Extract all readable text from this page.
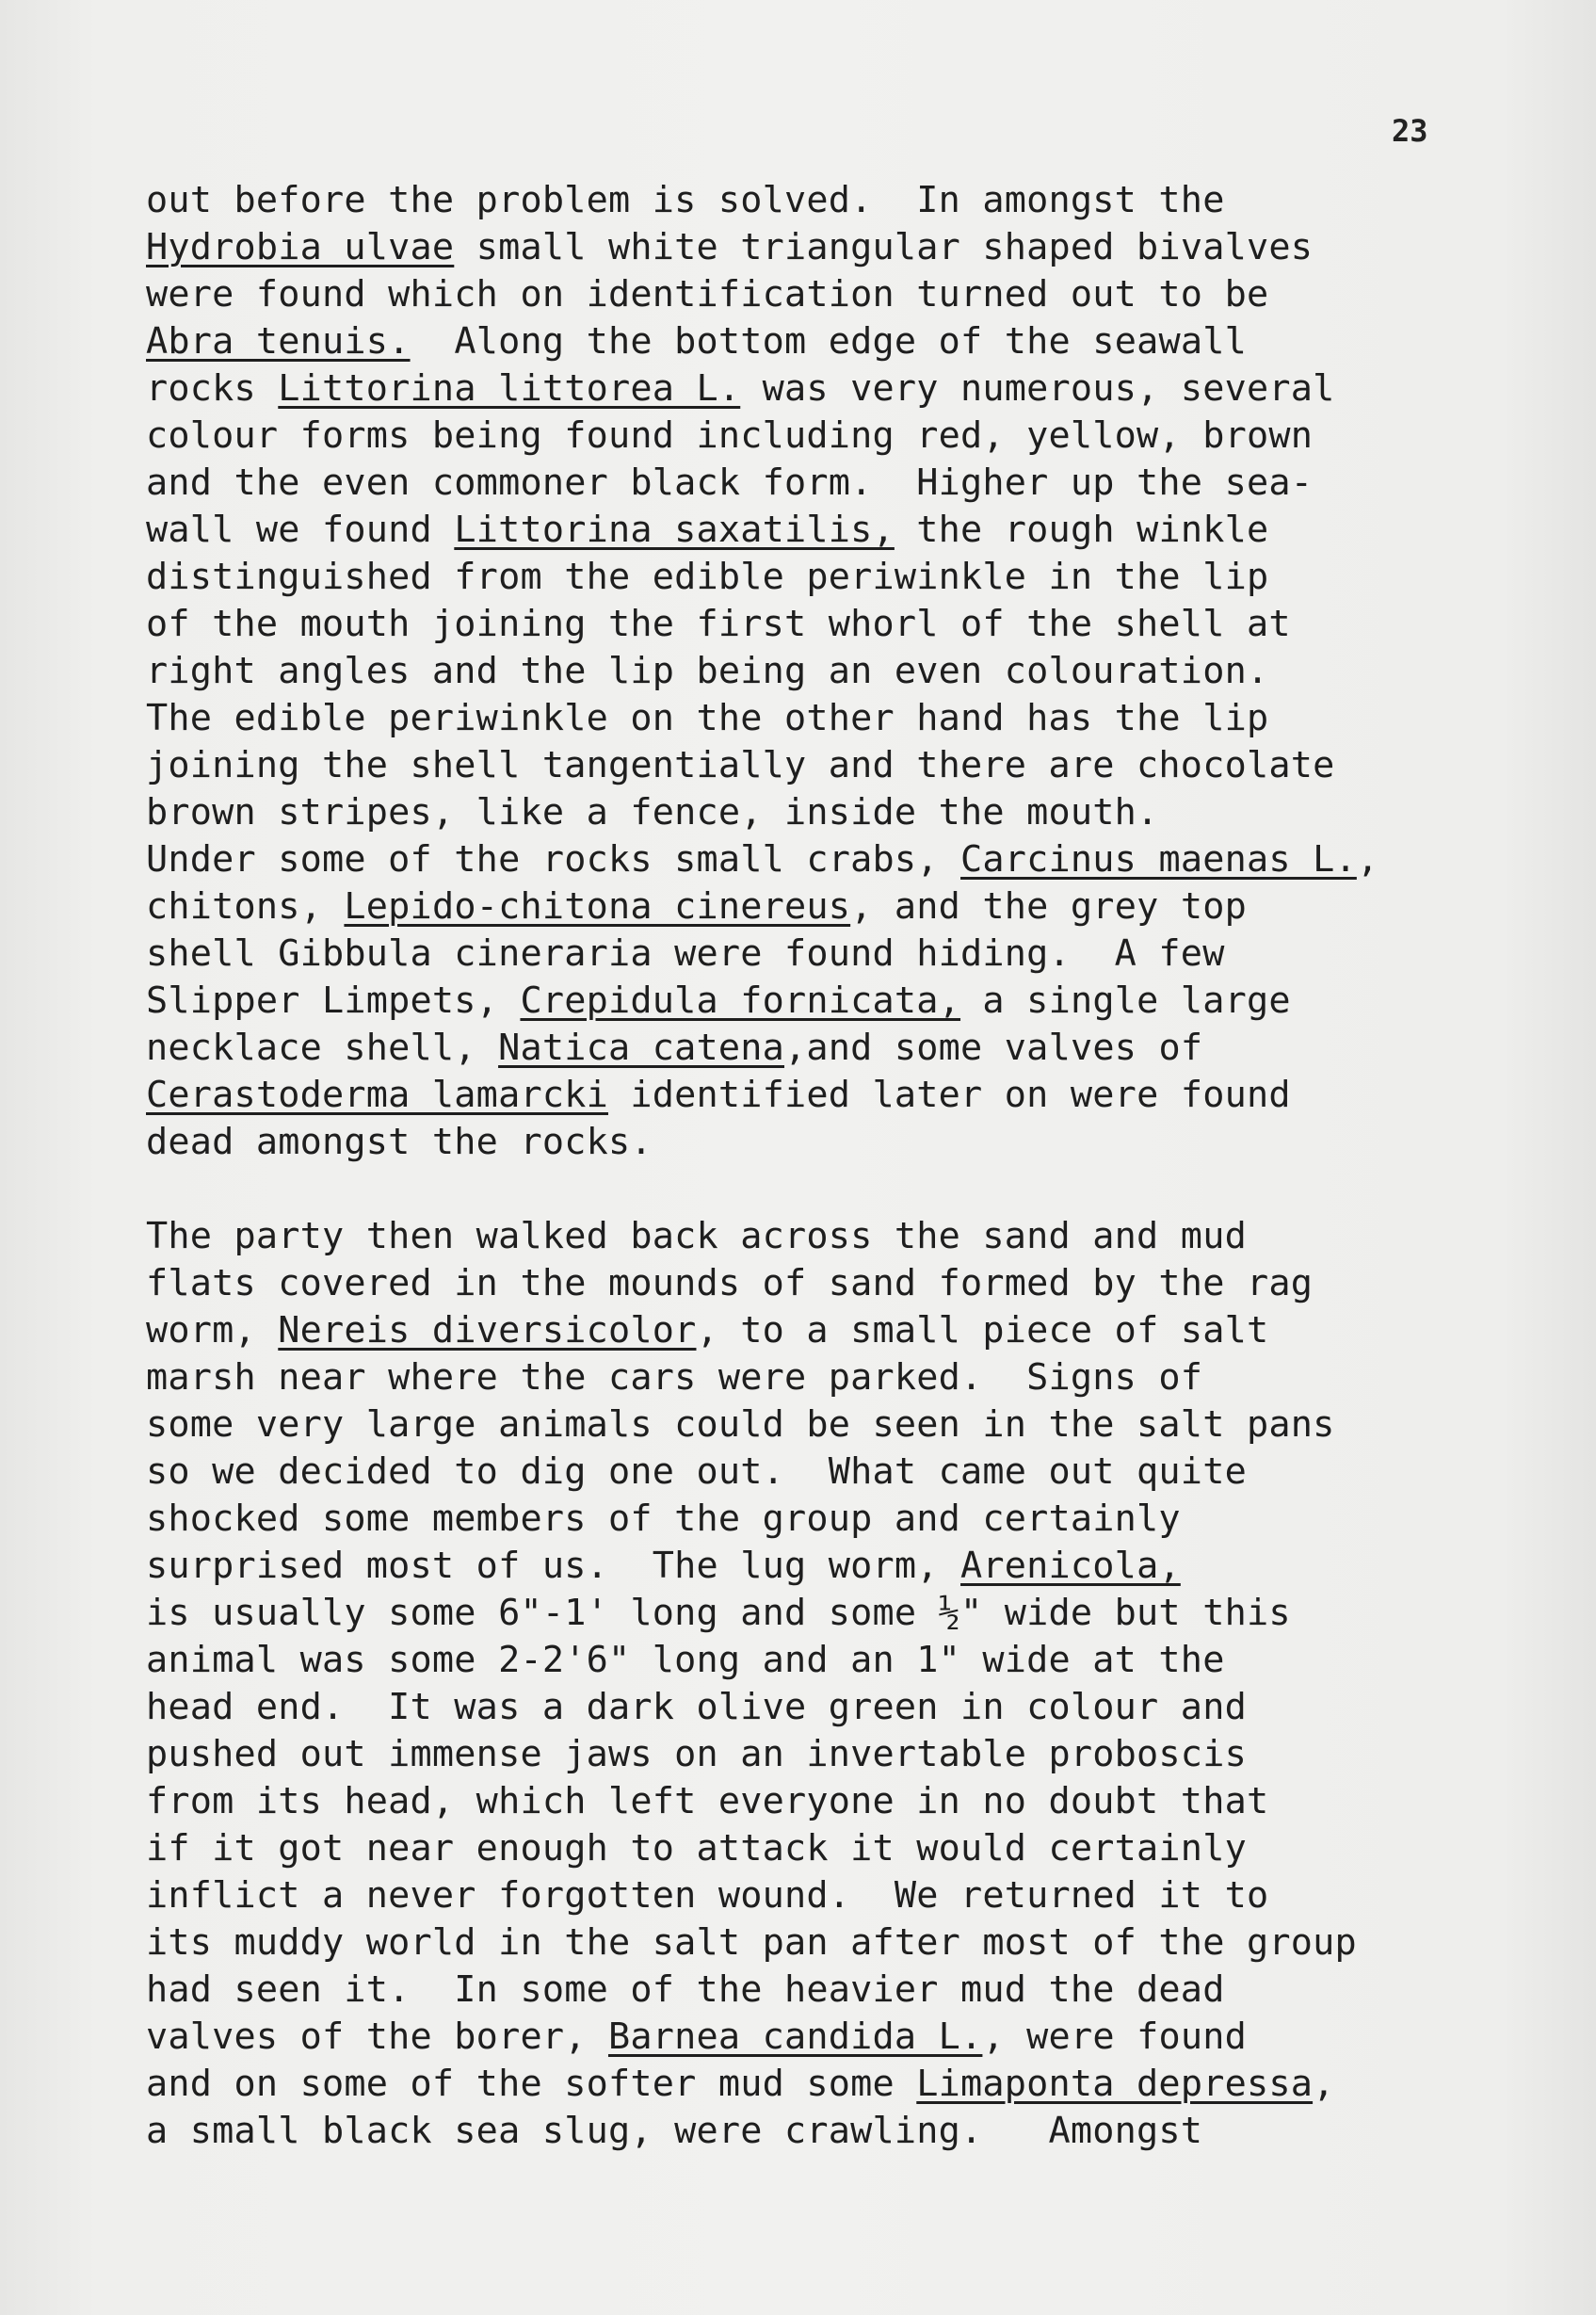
23
out before the problem is solved.  In amongst the
Hydrobia ulvae small white triangular shaped bivalves
were found which on identification turned out to be
Abra tenuis.  Along the bottom edge of the seawall
rocks Littorina littorea L. was very numerous, several
colour forms being found including red, yellow, brown
and the even commoner black form.  Higher up the sea-
wall we found Littorina saxatilis, the rough winkle
distinguished from the edible periwinkle in the lip
of the mouth joining the first whorl of the shell at
right angles and the lip being an even colouration.
The edible periwinkle on the other hand has the lip
joining the shell tangentially and there are chocolate
brown stripes, like a fence, inside the mouth.
Under some of the rocks small crabs, Carcinus maenas L.,
chitons, Lepido-chitona cinereus, and the grey top
shell Gibbula cineraria were found hiding.  A few
Slipper Limpets, Crepidula fornicata, a single large
necklace shell, Natica catena,and some valves of
Cerastoderma lamarcki identified later on were found
dead amongst the rocks.
The party then walked back across the sand and mud
flats covered in the mounds of sand formed by the rag
worm, Nereis diversicolor, to a small piece of salt
marsh near where the cars were parked.  Signs of
some very large animals could be seen in the salt pans
so we decided to dig one out.  What came out quite
shocked some members of the group and certainly
surprised most of us.  The lug worm, Arenicola,
is usually some 6"-1' long and some ½" wide but this
animal was some 2-2'6" long and an 1" wide at the
head end.  It was a dark olive green in colour and
pushed out immense jaws on an invertable proboscis
from its head, which left everyone in no doubt that
if it got near enough to attack it would certainly
inflict a never forgotten wound.  We returned it to
its muddy world in the salt pan after most of the group
had seen it.  In some of the heavier mud the dead
valves of the borer, Barnea candida L., were found
and on some of the softer mud some Limaponta depressa,
a small black sea slug, were crawling.   Amongst
